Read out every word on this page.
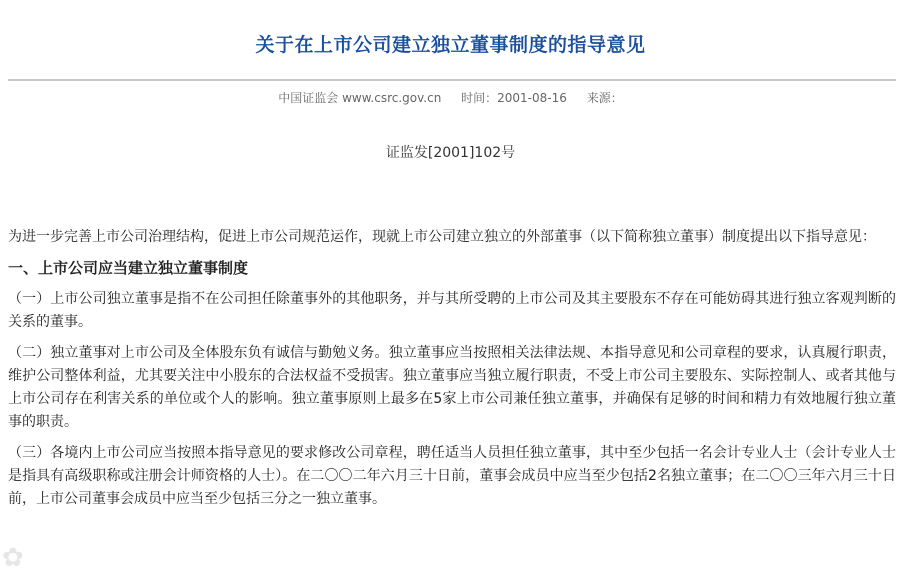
关于在上市公司建立独立董事制度的指导意见
中国证监会 www.csrc.gov.cn 时间：2001-08-16 来源：
证监发[2001]102号

为进一步完善上市公司治理结构，促进上市公司规范运作，现就上市公司建立独立的外部董事（以下简称独立董事）制度提出以下指导意见：

一、上市公司应当建立独立董事制度

（一）上市公司独立董事是指不在公司担任除董事外的其他职务，并与其所受聘的上市公司及其主要股东不存在可能妨碍其进行独立客观判断的关系的董事。

（二）独立董事对上市公司及全体股东负有诚信与勤勉义务。独立董事应当按照相关法律法规、本指导意见和公司章程的要求，认真履行职责，维护公司整体利益，尤其要关注中小股东的合法权益不受损害。独立董事应当独立履行职责，不受上市公司主要股东、实际控制人、或者其他与上市公司存在利害关系的单位或个人的影响。独立董事原则上最多在5家上市公司兼任独立董事，并确保有足够的时间和精力有效地履行独立董事的职责。

（三）各境内上市公司应当按照本指导意见的要求修改公司章程，聘任适当人员担任独立董事，其中至少包括一名会计专业人士（会计专业人士是指具有高级职称或注册会计师资格的人士）。在二〇〇二年六月三十日前，董事会成员中应当至少包括2名独立董事；在二〇〇三年六月三十日前，上市公司董事会成员中应当至少包括三分之一独立董事。

✿
